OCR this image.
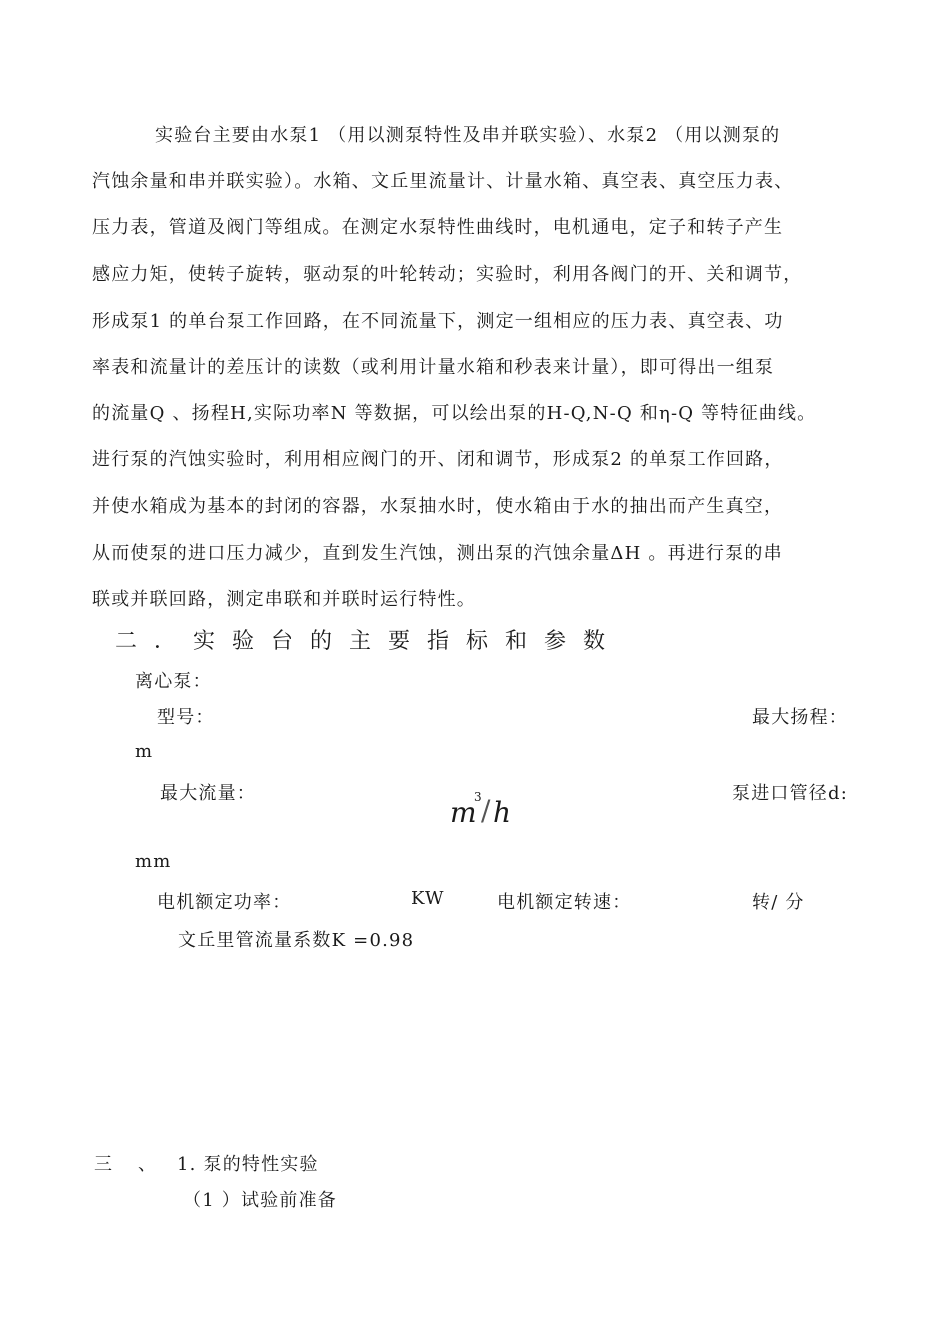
实验台主要由水泵1 （用以测泵特性及串并联实验）、水泵2 （用以测泵的
汽蚀余量和串并联实验）。水箱、文丘里流量计、计量水箱、真空表、真空压力表、
压力表，管道及阀门等组成。在测定水泵特性曲线时，电机通电，定子和转子产生
感应力矩，使转子旋转，驱动泵的叶轮转动；实验时，利用各阀门的开、关和调节，
形成泵1 的单台泵工作回路，在不同流量下，测定一组相应的压力表、真空表、功
率表和流量计的差压计的读数（或利用计量水箱和秒表来计量），即可得出一组泵
的流量Q 、扬程H,实际功率N 等数据，可以绘出泵的H-Q,N-Q 和η-Q 等特征曲线。
进行泵的汽蚀实验时，利用相应阀门的开、闭和调节，形成泵2 的单泵工作回路，
并使水箱成为基本的封闭的容器，水泵抽水时，使水箱由于水的抽出而产生真空，
从而使泵的进口压力减少，直到发生汽蚀，测出泵的汽蚀余量ΔH 。再进行泵的串
联或并联回路，测定串联和并联时运行特性。
二．实验台的主要指标和参数
离心泵：
型号：	最大扬程：
m
最大流量：
m
3 / h
泵进口管径d:
mm
电机额定功率：	KW	电机额定转速：	转/ 分
文丘里管流量系数K =0.98
三 、 1. 泵的特性实验
（1 ）试验前准备
